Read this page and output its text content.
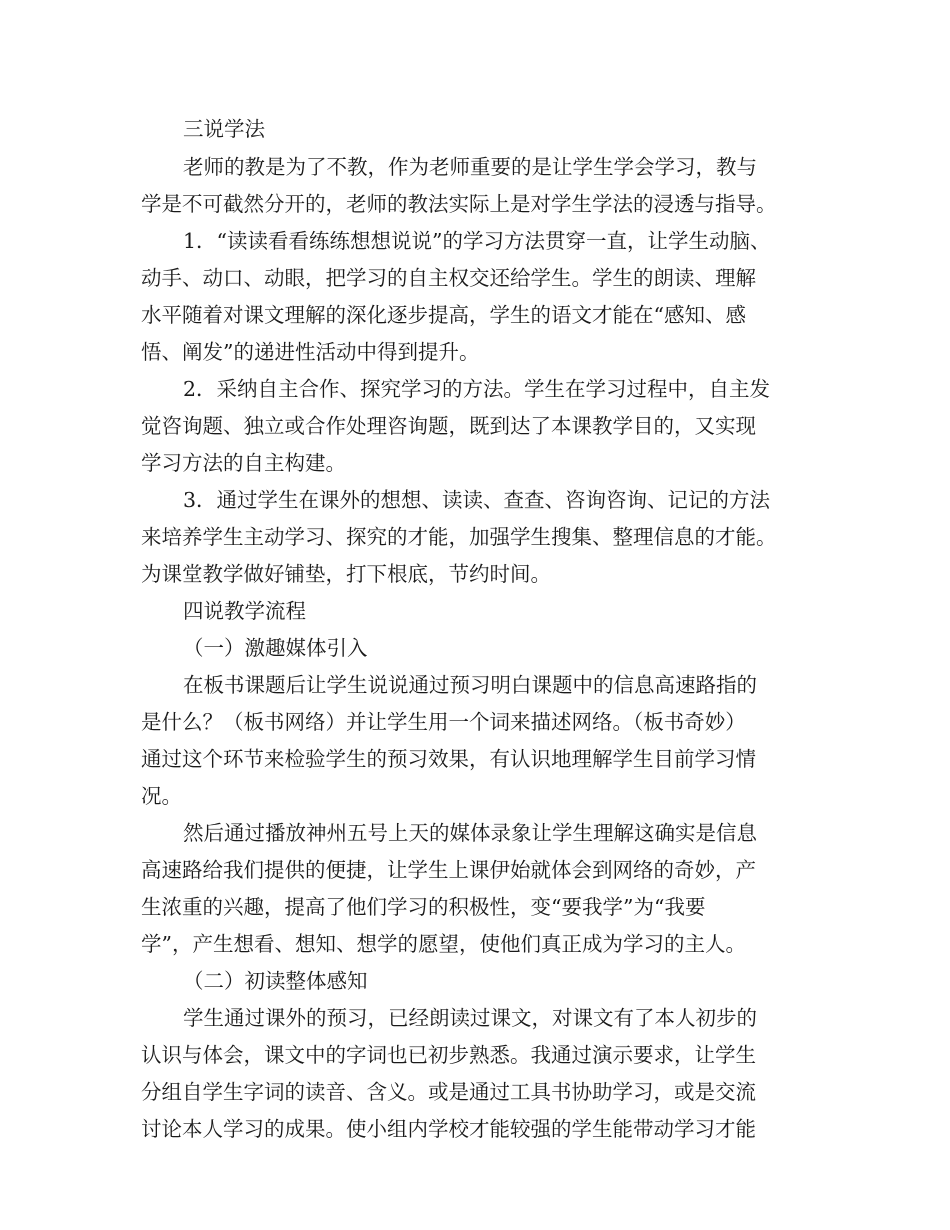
三说学法
老师的教是为了不教，作为老师重要的是让学生学会学习，教与
学是不可截然分开的，老师的教法实际上是对学生学法的浸透与指导。
1．“读读看看练练想想说说”的学习方法贯穿一直，让学生动脑、
动手、动口、动眼，把学习的自主权交还给学生。学生的朗读、理解
水平随着对课文理解的深化逐步提高，学生的语文才能在“感知、感
悟、阐发”的递进性活动中得到提升。
2．采纳自主合作、探究学习的方法。学生在学习过程中，自主发
觉咨询题、独立或合作处理咨询题，既到达了本课教学目的，又实现
学习方法的自主构建。
3．通过学生在课外的想想、读读、查查、咨询咨询、记记的方法
来培养学生主动学习、探究的才能，加强学生搜集、整理信息的才能。
为课堂教学做好铺垫，打下根底，节约时间。
四说教学流程
（一）激趣媒体引入
在板书课题后让学生说说通过预习明白课题中的信息高速路指的
是什么？（板书网络）并让学生用一个词来描述网络。（板书奇妙）
通过这个环节来检验学生的预习效果，有认识地理解学生目前学习情
况。
然后通过播放神州五号上天的媒体录象让学生理解这确实是信息
高速路给我们提供的便捷，让学生上课伊始就体会到网络的奇妙，产
生浓重的兴趣，提高了他们学习的积极性，变“要我学”为“我要
学”，产生想看、想知、想学的愿望，使他们真正成为学习的主人。
（二）初读整体感知
学生通过课外的预习，已经朗读过课文，对课文有了本人初步的
认识与体会，课文中的字词也已初步熟悉。我通过演示要求，让学生
分组自学生字词的读音、含义。或是通过工具书协助学习，或是交流
讨论本人学习的成果。使小组内学校才能较强的学生能带动学习才能
